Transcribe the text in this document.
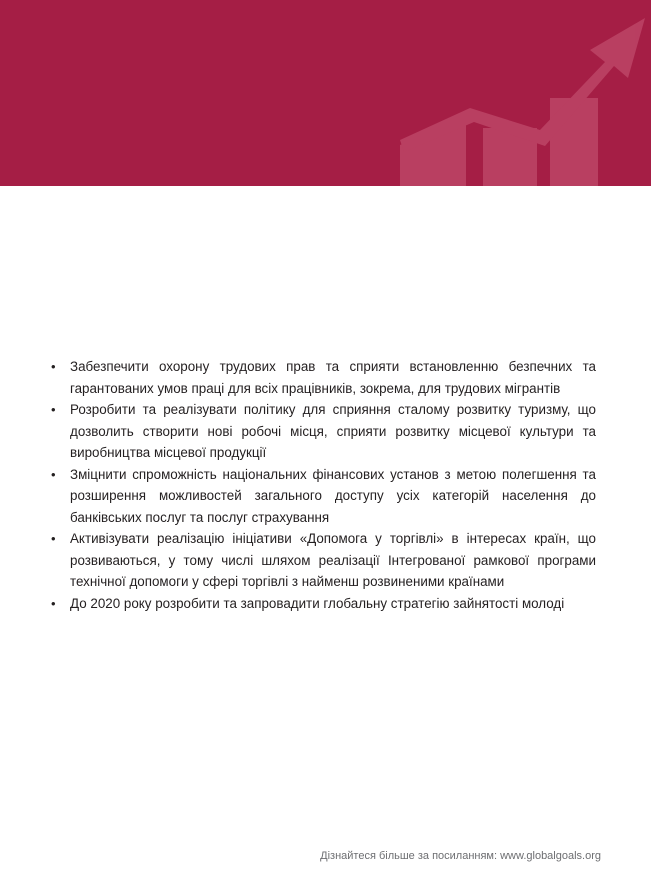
• Забезпечити охорону трудових прав та сприяти встановленню безпечних та гарантованих умов праці для всіх працівників, зокрема, для трудових мігрантів
• Розробити та реалізувати політику для сприяння сталому розвитку туризму, що дозволить створити нові робочі місця, сприяти розвитку місцевої культури та виробництва місцевої продукції
• Зміцнити спроможність національних фінансових установ з метою полегшення та розширення можливостей загального доступу усіх категорій населення до банківських послуг та послуг страхування
• Активізувати реалізацію ініціативи «Допомога у торгівлі» в інтересах країн, що розвиваються, у тому числі шляхом реалізації Інтегрованої рамкової програми технічної допомоги у сфері торгівлі з найменш розвиненими країнами
• До 2020 року розробити та запровадити глобальну стратегію зайнятості молоді
Дізнайтеся більше за посиланням: www.globalgoals.org
